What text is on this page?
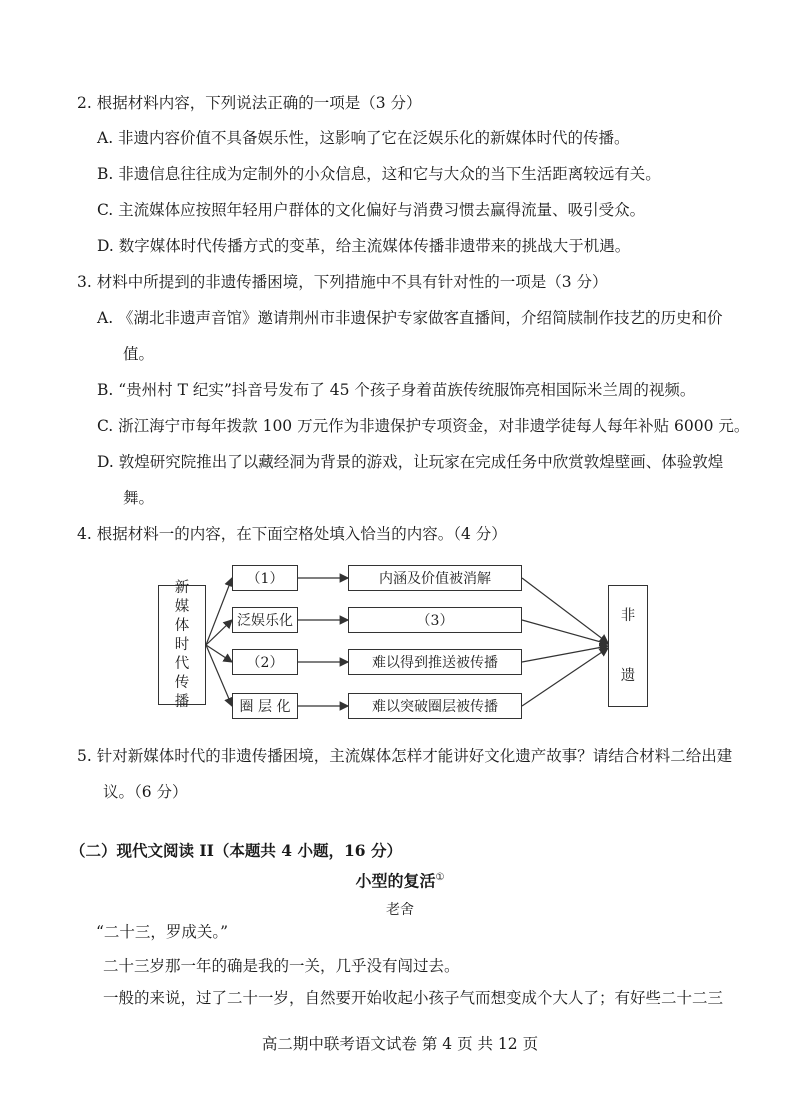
2. 根据材料内容，下列说法正确的一项是（3 分）
A. 非遗内容价值不具备娱乐性，这影响了它在泛娱乐化的新媒体时代的传播。
B. 非遗信息往往成为定制外的小众信息，这和它与大众的当下生活距离较远有关。
C. 主流媒体应按照年轻用户群体的文化偏好与消费习惯去赢得流量、吸引受众。
D. 数字媒体时代传播方式的变革，给主流媒体传播非遗带来的挑战大于机遇。
3. 材料中所提到的非遗传播困境，下列措施中不具有针对性的一项是（3 分）
A. 《湖北非遗声音馆》邀请荆州市非遗保护专家做客直播间，介绍简牍制作技艺的历史和价
值。
B. “贵州村 T 纪实”抖音号发布了 45 个孩子身着苗族传统服饰亮相国际米兰周的视频。
C. 浙江海宁市每年拨款 100 万元作为非遗保护专项资金，对非遗学徒每人每年补贴 6000 元。
D. 敦煌研究院推出了以藏经洞为背景的游戏，让玩家在完成任务中欣赏敦煌壁画、体验敦煌
舞。
4. 根据材料一的内容，在下面空格处填入恰当的内容。（4 分）
新
媒
体
时
代
传
播
（1）
泛娱乐化
（2）
圈 层 化
内涵及价值被消解
（3）
难以得到推送被传播
难以突破圈层被传播
非
遗
5. 针对新媒体时代的非遗传播困境，主流媒体怎样才能讲好文化遗产故事？请结合材料二给出建
议。（6 分）
（二）现代文阅读 II（本题共 4 小题，16 分）
小型的复活①
老舍
“二十三，罗成关。”
二十三岁那一年的确是我的一关，几乎没有闯过去。
一般的来说，过了二十一岁，自然要开始收起小孩子气而想变成个大人了；有好些二十二三
高二期中联考语文试卷 第 4 页 共 12 页
